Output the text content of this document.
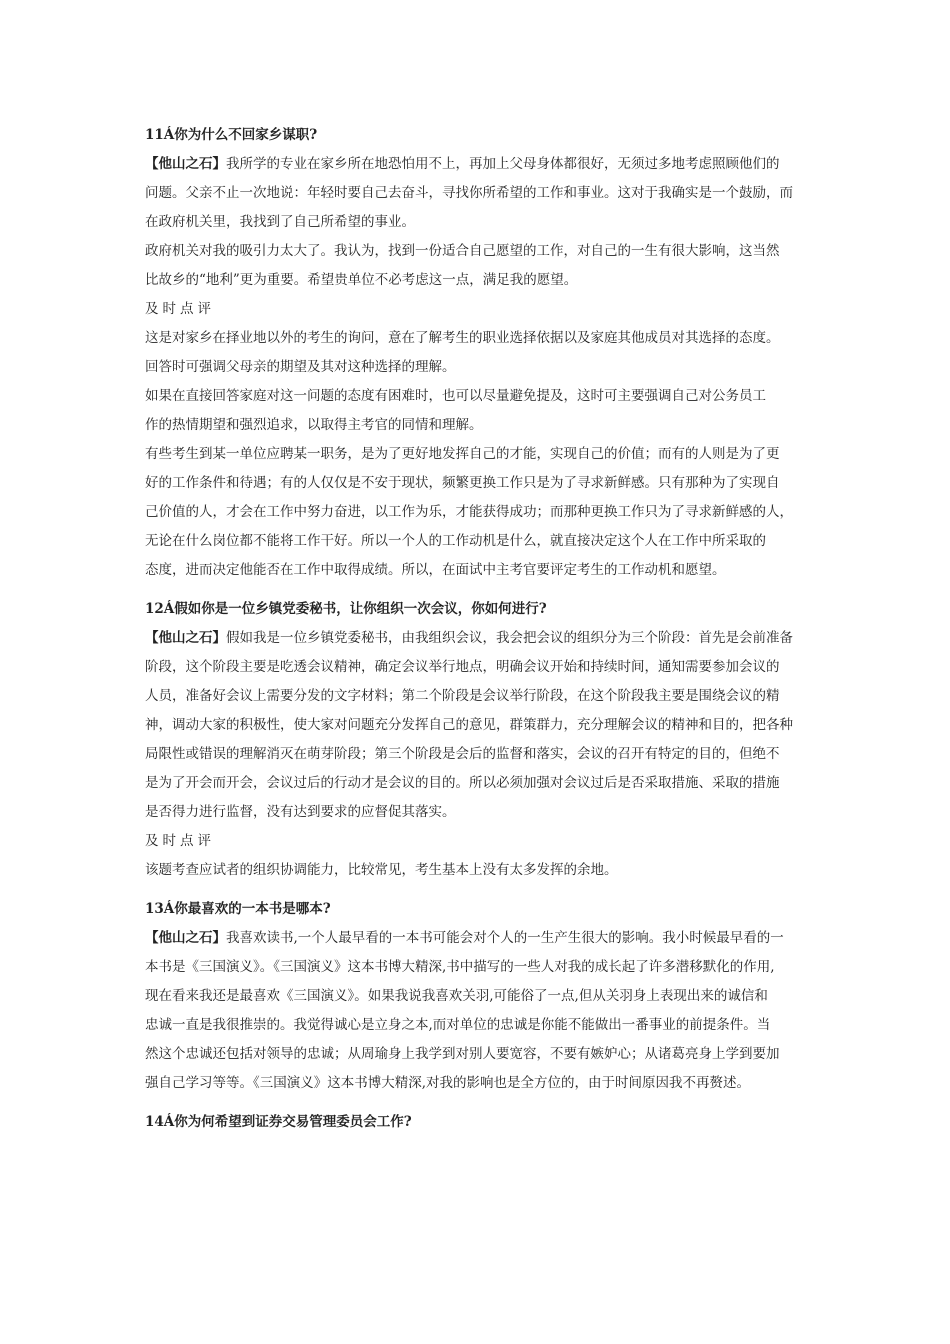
11Á你为什么不回家乡谋职?
【他山之石】我所学的专业在家乡所在地恐怕用不上，再加上父母身体都很好，无须过多地考虑照顾他们的
问题。父亲不止一次地说：年轻时要自己去奋斗，寻找你所希望的工作和事业。这对于我确实是一个鼓励，而
在政府机关里，我找到了自己所希望的事业。
政府机关对我的吸引力太大了。我认为，找到一份适合自己愿望的工作，对自己的一生有很大影响，这当然
比故乡的“地利”更为重要。希望贵单位不必考虑这一点，满足我的愿望。
及时点评
这是对家乡在择业地以外的考生的询问，意在了解考生的职业选择依据以及家庭其他成员对其选择的态度。
回答时可强调父母亲的期望及其对这种选择的理解。
如果在直接回答家庭对这一问题的态度有困难时，也可以尽量避免提及，这时可主要强调自己对公务员工
作的热情期望和强烈追求，以取得主考官的同情和理解。
有些考生到某一单位应聘某一职务，是为了更好地发挥自己的才能，实现自己的价值；而有的人则是为了更
好的工作条件和待遇；有的人仅仅是不安于现状，频繁更换工作只是为了寻求新鲜感。只有那种为了实现自
己价值的人，才会在工作中努力奋进，以工作为乐，才能获得成功；而那种更换工作只为了寻求新鲜感的人，
无论在什么岗位都不能将工作干好。所以一个人的工作动机是什么，就直接决定这个人在工作中所采取的
态度，进而决定他能否在工作中取得成绩。所以，在面试中主考官要评定考生的工作动机和愿望。
12Á假如你是一位乡镇党委秘书，让你组织一次会议，你如何进行?
【他山之石】假如我是一位乡镇党委秘书，由我组织会议，我会把会议的组织分为三个阶段：首先是会前准备
阶段，这个阶段主要是吃透会议精神，确定会议举行地点，明确会议开始和持续时间，通知需要参加会议的
人员，准备好会议上需要分发的文字材料；第二个阶段是会议举行阶段，在这个阶段我主要是围绕会议的精
神，调动大家的积极性，使大家对问题充分发挥自己的意见，群策群力，充分理解会议的精神和目的，把各种
局限性或错误的理解消灭在萌芽阶段；第三个阶段是会后的监督和落实，会议的召开有特定的目的，但绝不
是为了开会而开会，会议过后的行动才是会议的目的。所以必须加强对会议过后是否采取措施、采取的措施
是否得力进行监督，没有达到要求的应督促其落实。
及时点评
该题考查应试者的组织协调能力，比较常见，考生基本上没有太多发挥的余地。
13Á你最喜欢的一本书是哪本?
【他山之石】我喜欢读书,一个人最早看的一本书可能会对个人的一生产生很大的影响。我小时候最早看的一
本书是《三国演义》。《三国演义》这本书博大精深,书中描写的一些人对我的成长起了许多潜移默化的作用,
现在看来我还是最喜欢《三国演义》。如果我说我喜欢关羽,可能俗了一点,但从关羽身上表现出来的诚信和
忠诚一直是我很推崇的。我觉得诚心是立身之本,而对单位的忠诚是你能不能做出一番事业的前提条件。当
然这个忠诚还包括对领导的忠诚；从周瑜身上我学到对别人要宽容，不要有嫉妒心；从诸葛亮身上学到要加
强自己学习等等。《三国演义》这本书博大精深,对我的影响也是全方位的，由于时间原因我不再赘述。
14Á你为何希望到证券交易管理委员会工作?
